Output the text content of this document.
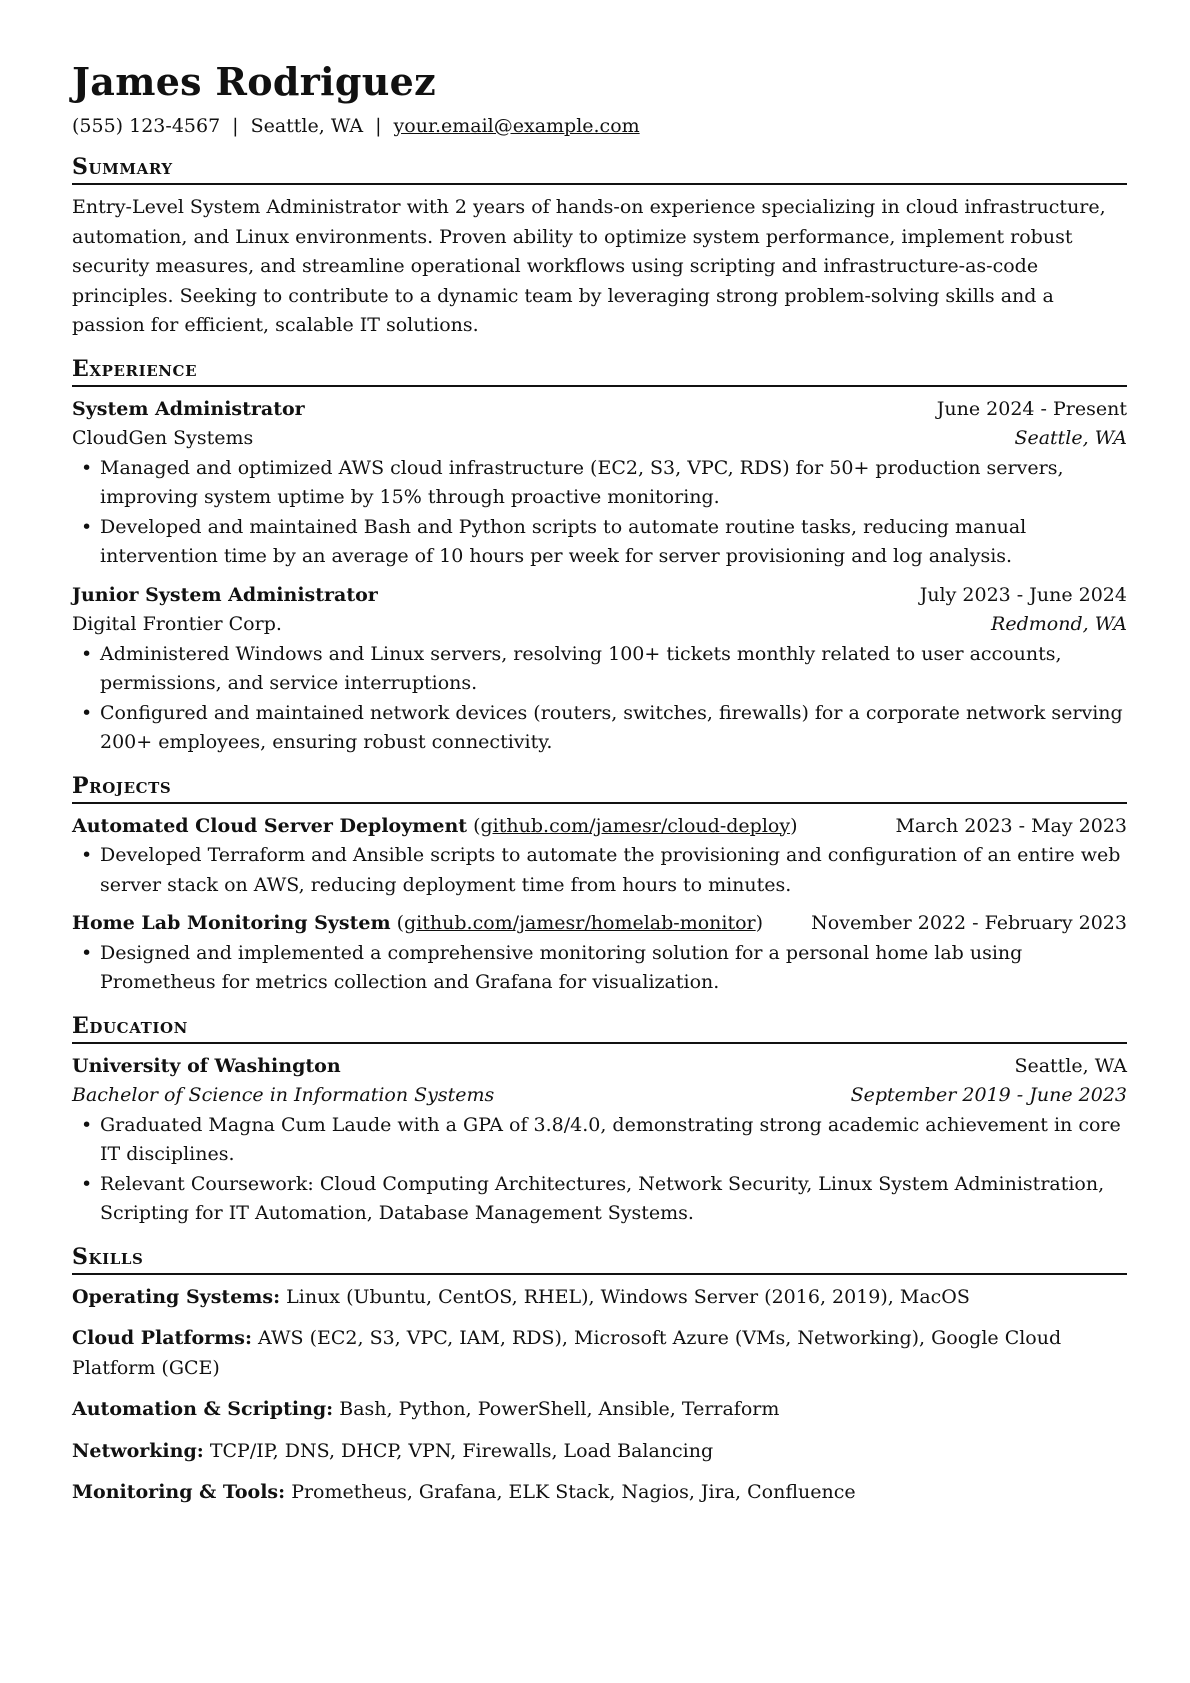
James Rodriguez
(555) 123-4567 | Seattle, WA | your.email@example.com
Summary
Entry-Level System Administrator with 2 years of hands-on experience specializing in cloud infrastructure, automation, and Linux environments. Proven ability to optimize system performance, implement robust security measures, and streamline operational workflows using scripting and infrastructure-as-code principles. Seeking to contribute to a dynamic team by leveraging strong problem-solving skills and a passion for efficient, scalable IT solutions.
Experience
System Administrator	June 2024 - Present
CloudGen Systems	Seattle, WA
• Managed and optimized AWS cloud infrastructure (EC2, S3, VPC, RDS) for 50+ production servers, improving system uptime by 15% through proactive monitoring.
• Developed and maintained Bash and Python scripts to automate routine tasks, reducing manual intervention time by an average of 10 hours per week for server provisioning and log analysis.
Junior System Administrator	July 2023 - June 2024
Digital Frontier Corp.	Redmond, WA
• Administered Windows and Linux servers, resolving 100+ tickets monthly related to user accounts, permissions, and service interruptions.
• Configured and maintained network devices (routers, switches, firewalls) for a corporate network serving 200+ employees, ensuring robust connectivity.
Projects
Automated Cloud Server Deployment (github.com/jamesr/cloud-deploy)	March 2023 - May 2023
• Developed Terraform and Ansible scripts to automate the provisioning and configuration of an entire web server stack on AWS, reducing deployment time from hours to minutes.
Home Lab Monitoring System (github.com/jamesr/homelab-monitor)	November 2022 - February 2023
• Designed and implemented a comprehensive monitoring solution for a personal home lab using Prometheus for metrics collection and Grafana for visualization.
Education
University of Washington	Seattle, WA
Bachelor of Science in Information Systems	September 2019 - June 2023
• Graduated Magna Cum Laude with a GPA of 3.8/4.0, demonstrating strong academic achievement in core IT disciplines.
• Relevant Coursework: Cloud Computing Architectures, Network Security, Linux System Administration, Scripting for IT Automation, Database Management Systems.
Skills
Operating Systems: Linux (Ubuntu, CentOS, RHEL), Windows Server (2016, 2019), MacOS
Cloud Platforms: AWS (EC2, S3, VPC, IAM, RDS), Microsoft Azure (VMs, Networking), Google Cloud Platform (GCE)
Automation & Scripting: Bash, Python, PowerShell, Ansible, Terraform
Networking: TCP/IP, DNS, DHCP, VPN, Firewalls, Load Balancing
Monitoring & Tools: Prometheus, Grafana, ELK Stack, Nagios, Jira, Confluence
